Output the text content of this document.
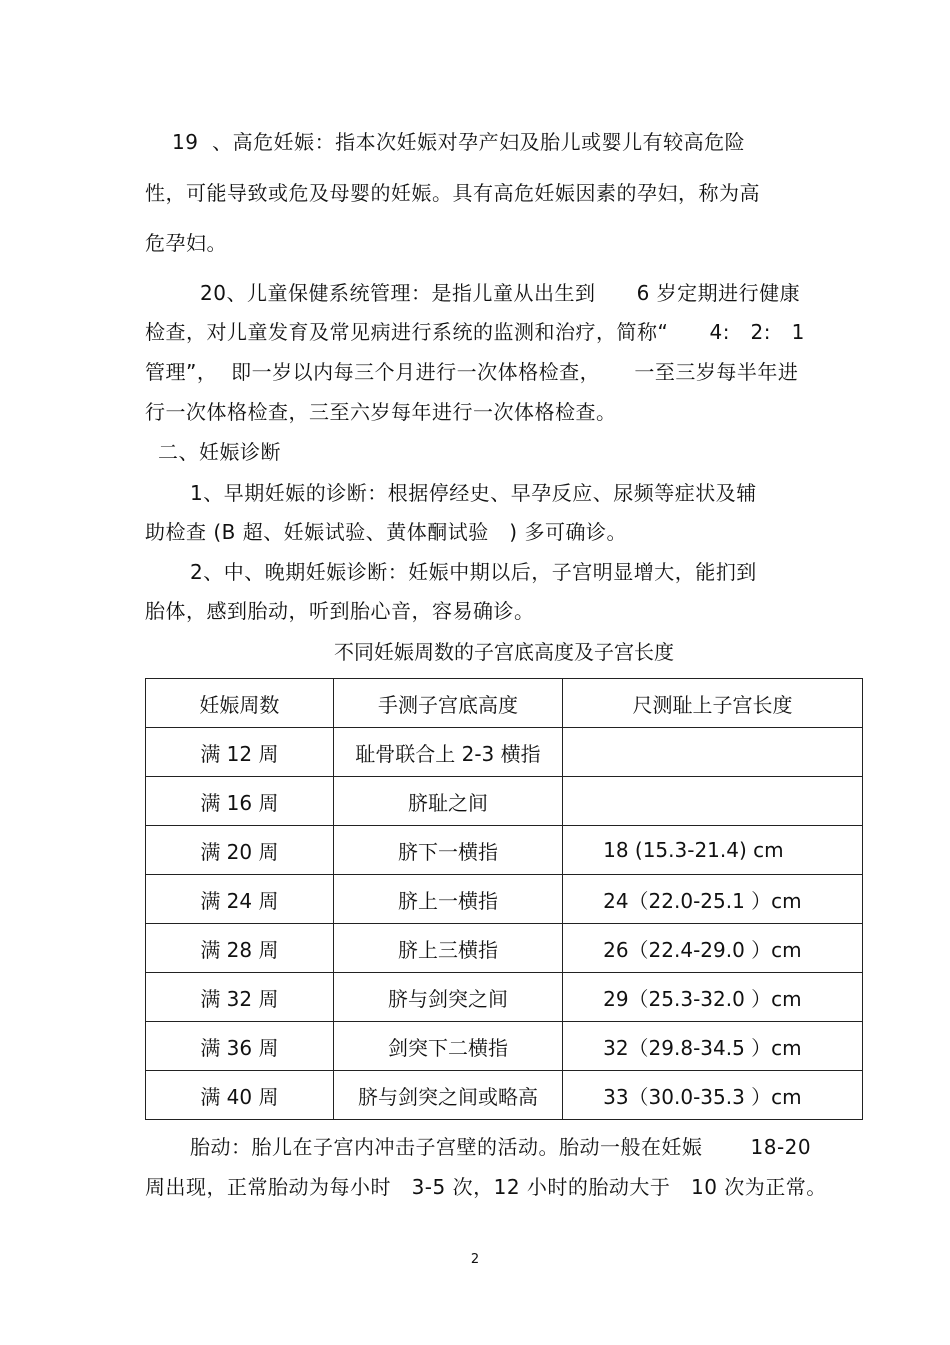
19  、高危妊娠：指本次妊娠对孕产妇及胎儿或婴儿有较高危险
性，可能导致或危及母婴的妊娠。具有高危妊娠因素的孕妇，称为高
危孕妇。
20、儿童保健系统管理：是指儿童从出生到      6 岁定期进行健康
检查，对儿童发育及常见病进行系统的监测和治疗，简称“      4:   2:   1
管理”，  即一岁以内每三个月进行一次体格检查，     一至三岁每半年进
行一次体格检查，三至六岁每年进行一次体格检查。
二、妊娠诊断
1、早期妊娠的诊断：根据停经史、早孕反应、尿频等症状及辅
助检查 (B 超、妊娠试验、黄体酮试验   ) 多可确诊。
2、中、晚期妊娠诊断：妊娠中期以后，子宫明显增大，能扪到
胎体，感到胎动，听到胎心音，容易确诊。
不同妊娠周数的子宫底高度及子宫长度
妊娠周数	手测子宫底高度	尺测耻上子宫长度
满 12 周	耻骨联合上 2-3 横指	
满 16 周	脐耻之间	
满 20 周	脐下一横指	18 (15.3-21.4) cm
满 24 周	脐上一横指	24（22.0-25.1 ）cm
满 28 周	脐上三横指	26（22.4-29.0 ）cm
满 32 周	脐与剑突之间	29（25.3-32.0 ）cm
满 36 周	剑突下二横指	32（29.8-34.5 ）cm
满 40 周	脐与剑突之间或略高	33（30.0-35.3 ）cm
胎动：胎儿在子宫内冲击子宫壁的活动。胎动一般在妊娠       18-20
周出现，正常胎动为每小时   3-5 次，12 小时的胎动大于   10 次为正常。
2
